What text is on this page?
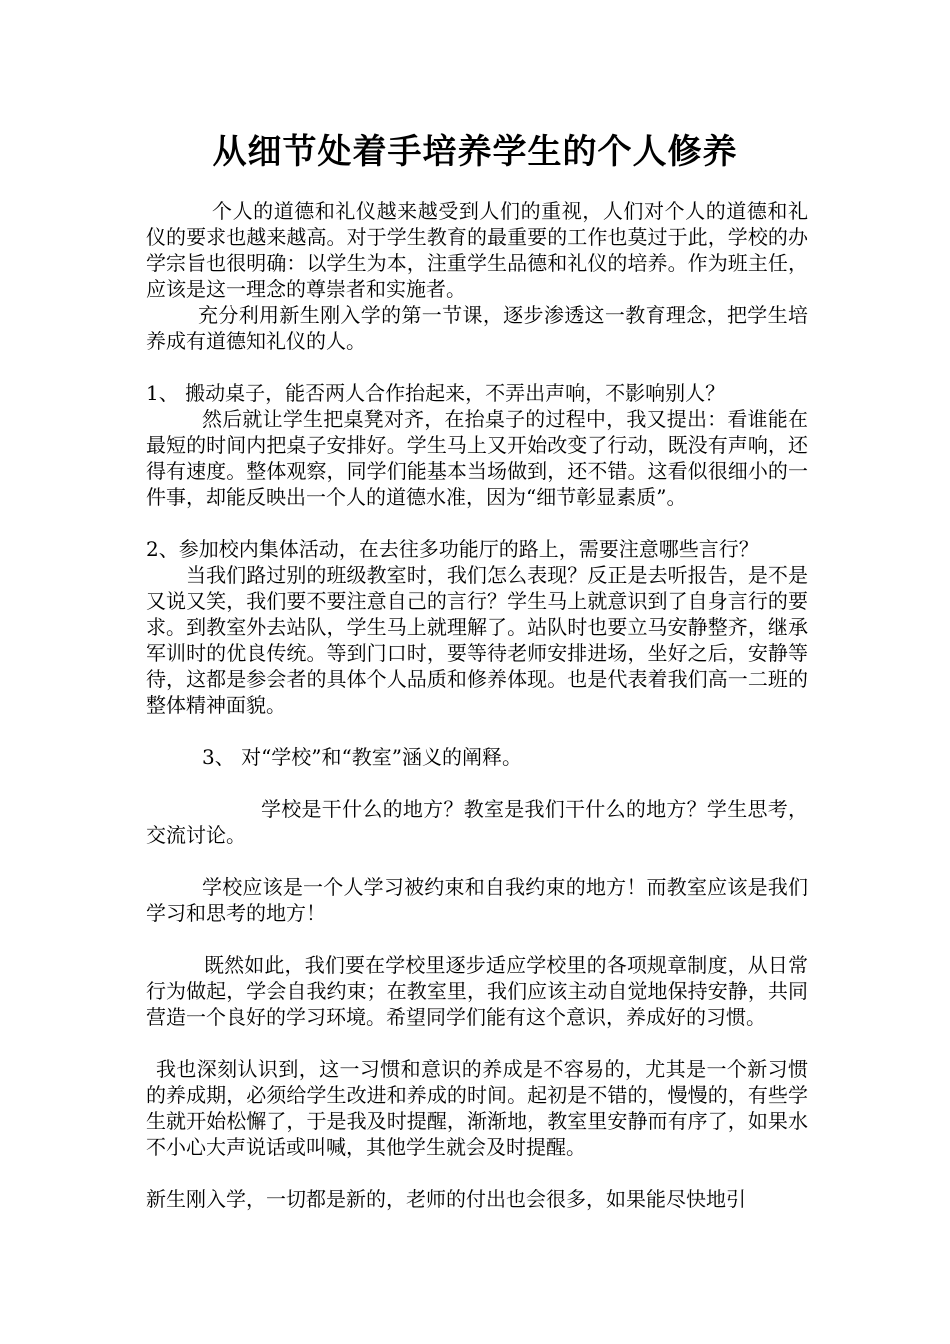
从细节处着手培养学生的个人修养

个人的道德和礼仪越来越受到人们的重视，人们对个人的道德和礼仪的要求也越来越高。对于学生教育的最重要的工作也莫过于此，学校的办学宗旨也很明确：以学生为本，注重学生品德和礼仪的培养。作为班主任，应该是这一理念的尊崇者和实施者。

充分利用新生刚入学的第一节课，逐步渗透这一教育理念，把学生培养成有道德知礼仪的人。

1、 搬动桌子，能否两人合作抬起来，不弄出声响，不影响别人？

然后就让学生把桌凳对齐，在抬桌子的过程中，我又提出：看谁能在最短的时间内把桌子安排好。学生马上又开始改变了行动，既没有声响，还得有速度。整体观察，同学们能基本当场做到，还不错。这看似很细小的一件事，却能反映出一个人的道德水准，因为“细节彰显素质”。

2、参加校内集体活动，在去往多功能厅的路上，需要注意哪些言行？

当我们路过别的班级教室时，我们怎么表现？反正是去听报告，是不是又说又笑，我们要不要注意自己的言行？学生马上就意识到了自身言行的要求。到教室外去站队，学生马上就理解了。站队时也要立马安静整齐，继承军训时的优良传统。等到门口时，要等待老师安排进场，坐好之后，安静等待，这都是参会者的具体个人品质和修养体现。也是代表着我们高一二班的整体精神面貌。

3、 对“学校”和“教室”涵义的阐释。

学校是干什么的地方？教室是我们干什么的地方？学生思考，交流讨论。

学校应该是一个人学习被约束和自我约束的地方！而教室应该是我们学习和思考的地方！

既然如此，我们要在学校里逐步适应学校里的各项规章制度，从日常行为做起，学会自我约束；在教室里，我们应该主动自觉地保持安静，共同营造一个良好的学习环境。希望同学们能有这个意识，养成好的习惯。

我也深刻认识到，这一习惯和意识的养成是不容易的，尤其是一个新习惯的养成期，必须给学生改进和养成的时间。起初是不错的，慢慢的，有些学生就开始松懈了，于是我及时提醒，渐渐地，教室里安静而有序了，如果水不小心大声说话或叫喊，其他学生就会及时提醒。

新生刚入学，一切都是新的，老师的付出也会很多，如果能尽快地引
